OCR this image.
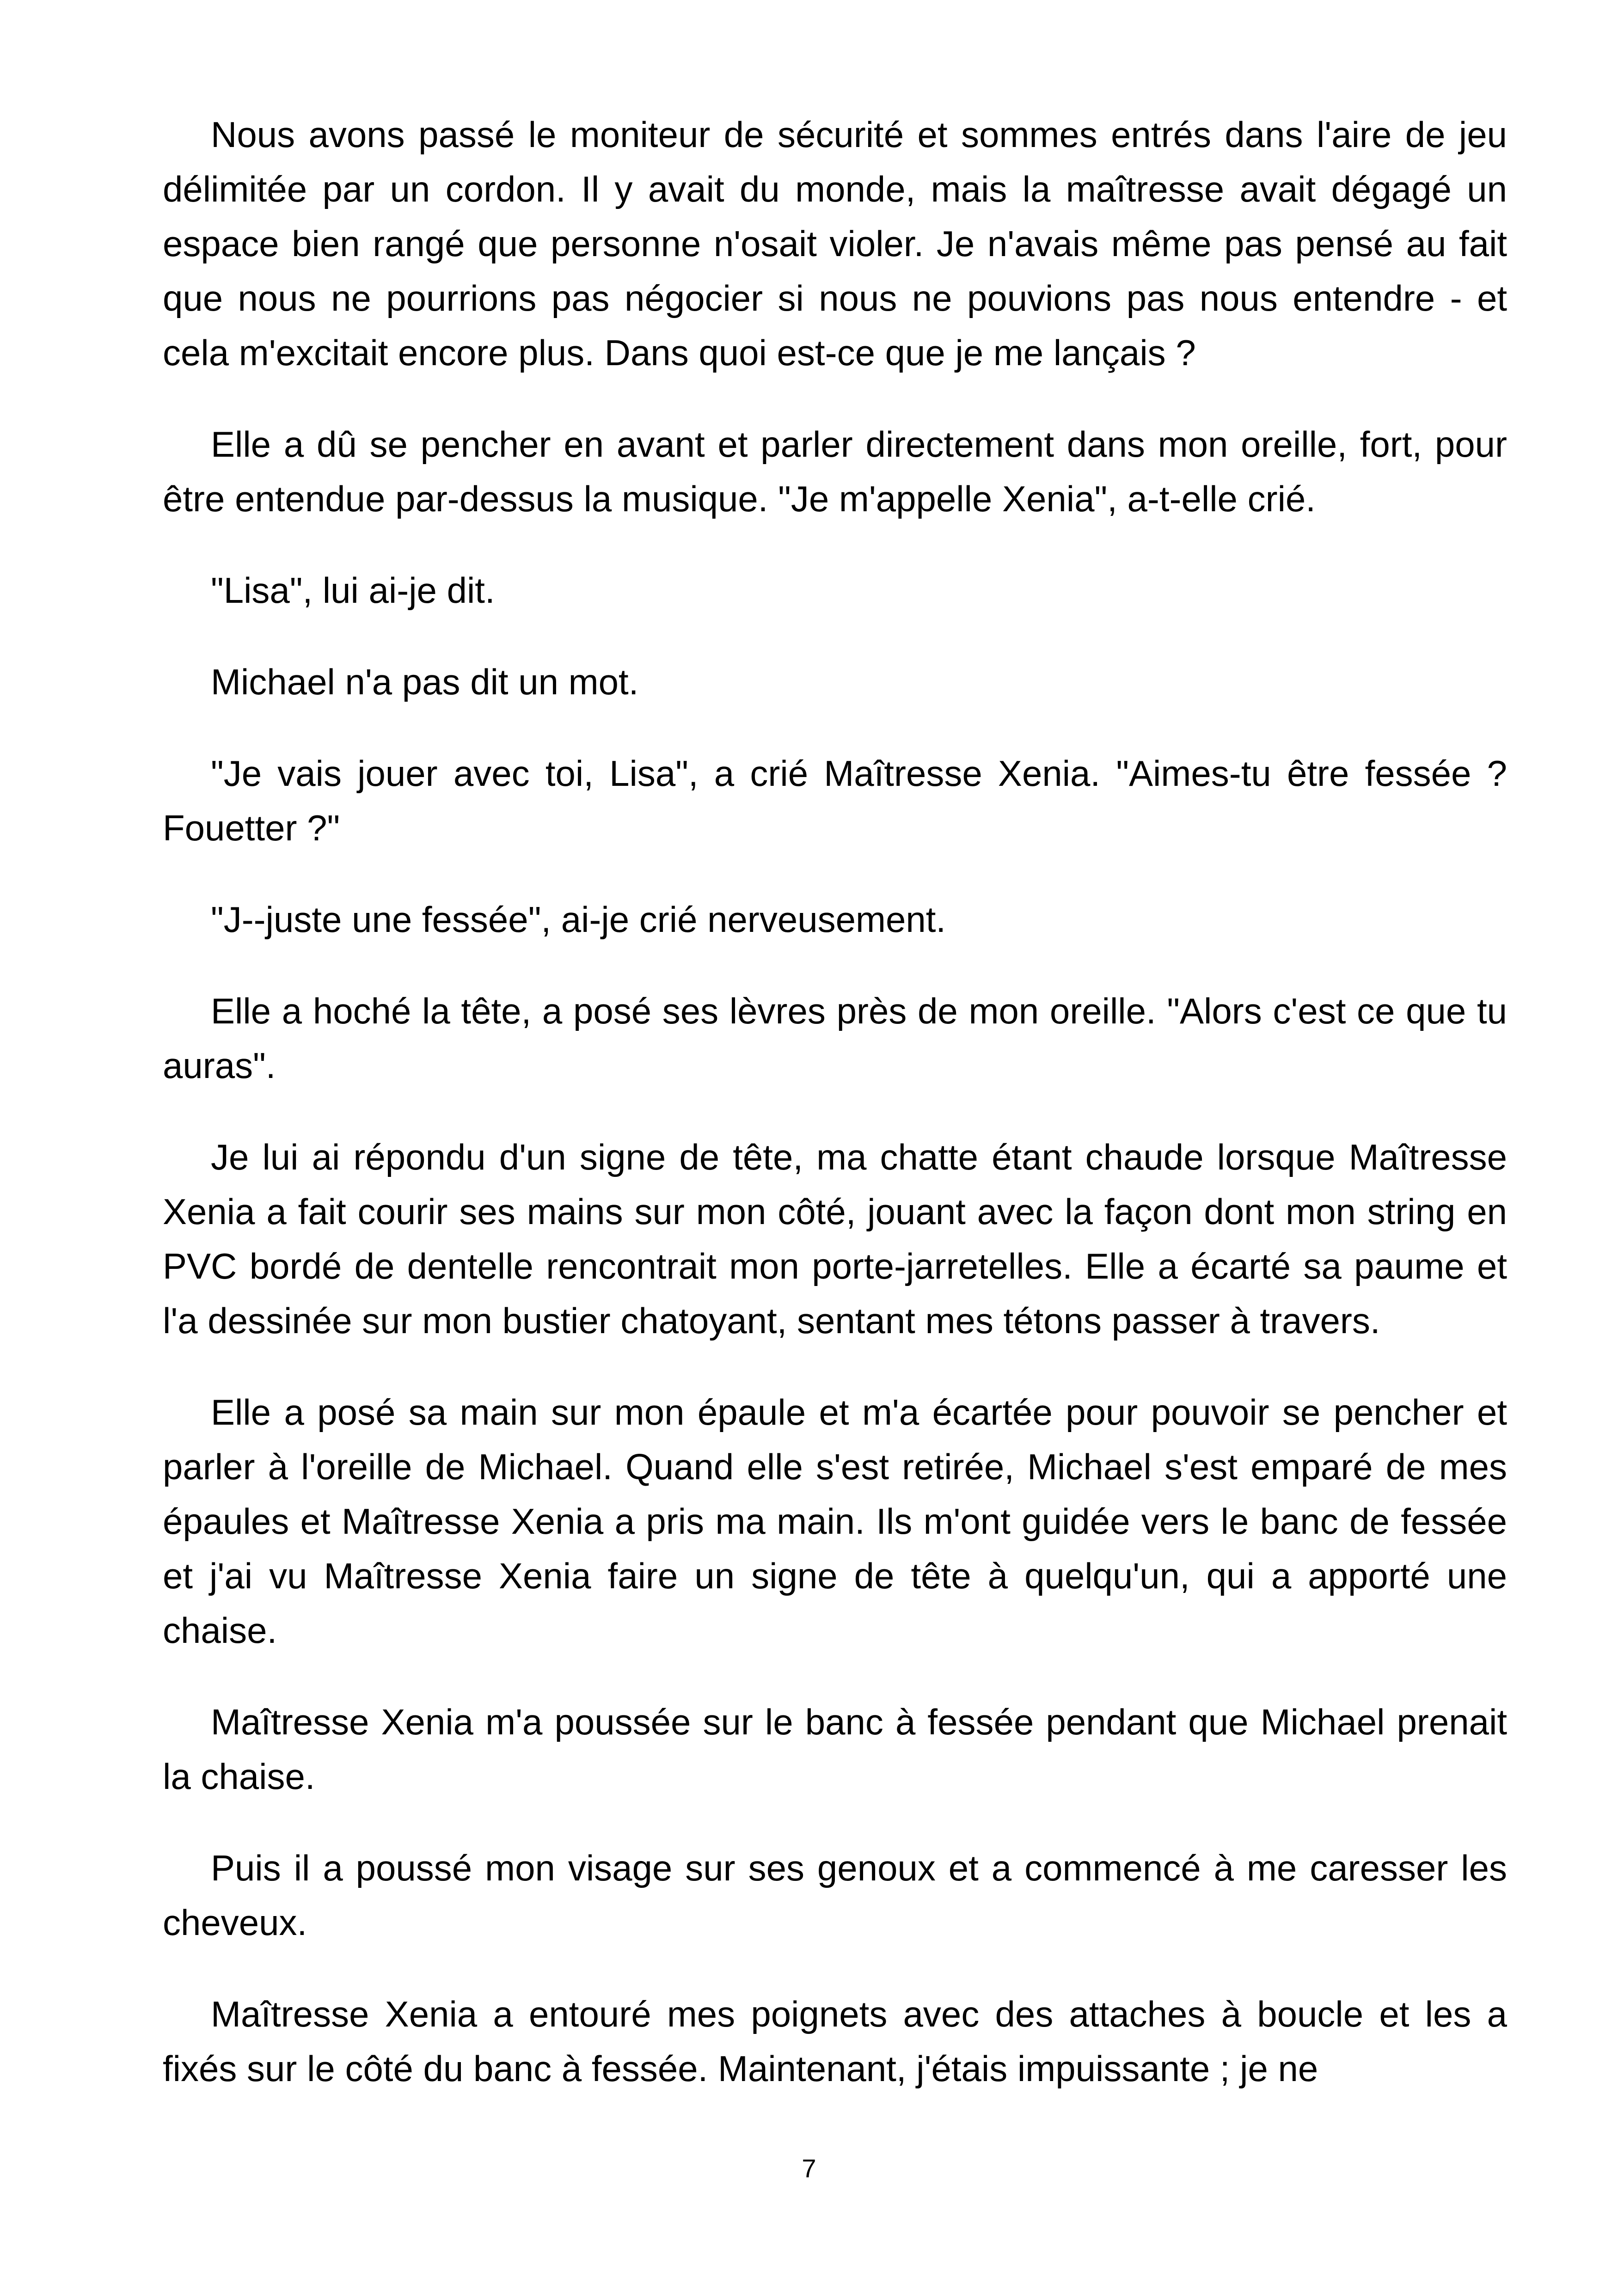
Nous avons passé le moniteur de sécurité et sommes entrés dans l'aire de jeu délimitée par un cordon. Il y avait du monde, mais la maîtresse avait dégagé un espace bien rangé que personne n'osait violer. Je n'avais même pas pensé au fait que nous ne pourrions pas négocier si nous ne pouvions pas nous entendre - et cela m'excitait encore plus. Dans quoi est-ce que je me lançais ?

Elle a dû se pencher en avant et parler directement dans mon oreille, fort, pour être entendue par-dessus la musique. "Je m'appelle Xenia", a-t-elle crié.

"Lisa", lui ai-je dit.

Michael n'a pas dit un mot.

"Je vais jouer avec toi, Lisa", a crié Maîtresse Xenia. "Aimes-tu être fessée ? Fouetter ?"

"J--juste une fessée", ai-je crié nerveusement.

Elle a hoché la tête, a posé ses lèvres près de mon oreille. "Alors c'est ce que tu auras".

Je lui ai répondu d'un signe de tête, ma chatte étant chaude lorsque Maîtresse Xenia a fait courir ses mains sur mon côté, jouant avec la façon dont mon string en PVC bordé de dentelle rencontrait mon porte-jarretelles. Elle a écarté sa paume et l'a dessinée sur mon bustier chatoyant, sentant mes tétons passer à travers.

Elle a posé sa main sur mon épaule et m'a écartée pour pouvoir se pencher et parler à l'oreille de Michael. Quand elle s'est retirée, Michael s'est emparé de mes épaules et Maîtresse Xenia a pris ma main. Ils m'ont guidée vers le banc de fessée et j'ai vu Maîtresse Xenia faire un signe de tête à quelqu'un, qui a apporté une chaise.

Maîtresse Xenia m'a poussée sur le banc à fessée pendant que Michael prenait la chaise.

Puis il a poussé mon visage sur ses genoux et a commencé à me caresser les cheveux.

Maîtresse Xenia a entouré mes poignets avec des attaches à boucle et les a fixés sur le côté du banc à fessée. Maintenant, j'étais impuissante ; je ne

7
